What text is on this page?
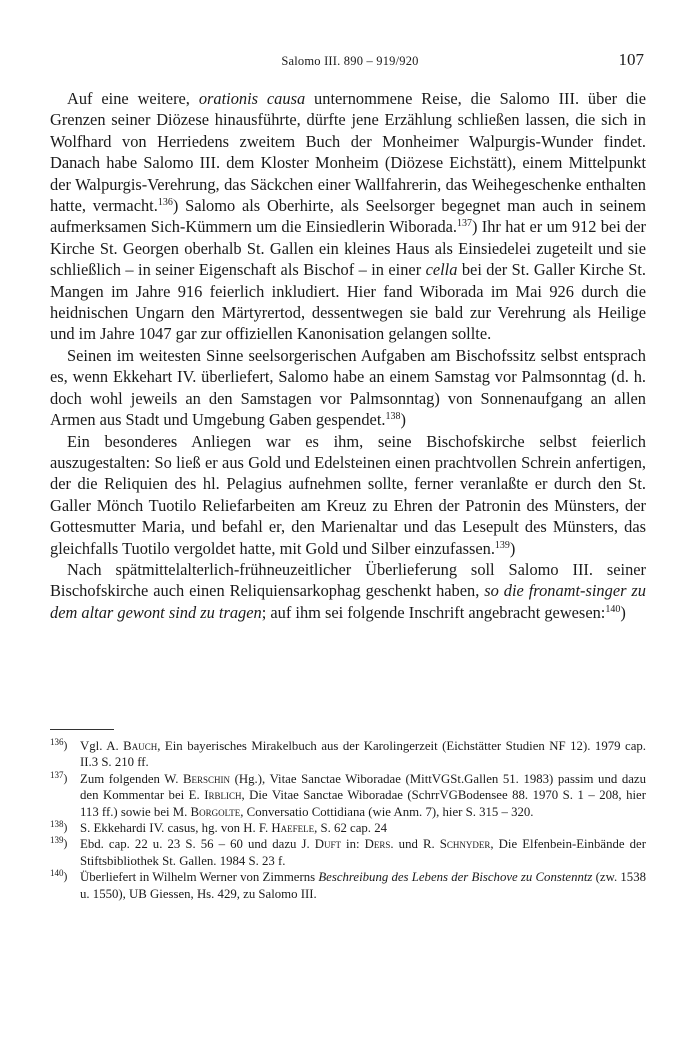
Salomo III. 890 – 919/920	107

Auf eine weitere, orationis causa unternommene Reise, die Salomo III. über die Grenzen seiner Diözese hinausführte, dürfte jene Erzählung schließen lassen, die sich in Wolfhard von Herriedens zweitem Buch der Monheimer Walpurgis-Wunder findet. Danach habe Salomo III. dem Kloster Monheim (Diözese Eichstätt), einem Mittelpunkt der Walpurgis-Verehrung, das Säckchen einer Wallfahrerin, das Weihegeschenke enthalten hatte, vermacht.$^{136}$) Salomo als Oberhirte, als Seelsorger begegnet man auch in seinem aufmerksamen Sich-Kümmern um die Einsiedlerin Wiborada.$^{137}$) Ihr hat er um 912 bei der Kirche St. Georgen oberhalb St. Gallen ein kleines Haus als Einsiedelei zugeteilt und sie schließlich – in seiner Eigenschaft als Bischof – in einer cella bei der St. Galler Kirche St. Mangen im Jahre 916 feierlich inkludiert. Hier fand Wiborada im Mai 926 durch die heidnischen Ungarn den Märtyrertod, dessentwegen sie bald zur Verehrung als Heilige und im Jahre 1047 gar zur offiziellen Kanonisation gelangen sollte.

Seinen im weitesten Sinne seelsorgerischen Aufgaben am Bischofssitz selbst entsprach es, wenn Ekkehart IV. überliefert, Salomo habe an einem Samstag vor Palmsonntag (d. h. doch wohl jeweils an den Samstagen vor Palmsonntag) von Sonnenaufgang an allen Armen aus Stadt und Umgebung Gaben gespendet.$^{138}$)

Ein besonderes Anliegen war es ihm, seine Bischofskirche selbst feierlich auszugestalten: So ließ er aus Gold und Edelsteinen einen prachtvollen Schrein anfertigen, der die Reliquien des hl. Pelagius aufnehmen sollte, ferner veranlaßte er durch den St. Galler Mönch Tuotilo Reliefarbeiten am Kreuz zu Ehren der Patronin des Münsters, der Gottesmutter Maria, und befahl er, den Marienaltar und das Lesepult des Münsters, das gleichfalls Tuotilo vergoldet hatte, mit Gold und Silber einzufassen.$^{139}$)

Nach spätmittelalterlich-frühneuzeitlicher Überlieferung soll Salomo III. seiner Bischofskirche auch einen Reliquiensarkophag geschenkt haben, so die fronamt-singer zu dem altar gewont sind zu tragen; auf ihm sei folgende Inschrift angebracht gewesen:$^{140}$)

$^{136}$) Vgl. A. Bauch, Ein bayerisches Mirakelbuch aus der Karolingerzeit (Eichstätter Studien NF 12). 1979 cap. II.3 S. 210 ff.

$^{137}$) Zum folgenden W. Berschin (Hg.), Vitae Sanctae Wiboradae (MittVGSt.Gallen 51. 1983) passim und dazu den Kommentar bei E. Irblich, Die Vitae Sanctae Wiboradae (SchrrVGBodensee 88. 1970 S. 1 – 208, hier 113 ff.) sowie bei M. Borgolte, Conversatio Cottidiana (wie Anm. 7), hier S. 315 – 320.

$^{138}$) S. Ekkehardi IV. casus, hg. von H. F. Haefele, S. 62 cap. 24

$^{139}$) Ebd. cap. 22 u. 23 S. 56 – 60 und dazu J. Duft in: Ders. und R. Schnyder, Die Elfenbein-Einbände der Stiftsbibliothek St. Gallen. 1984 S. 23 f.

$^{140}$) Überliefert in Wilhelm Werner von Zimmerns Beschreibung des Lebens der Bischove zu Constenntz (zw. 1538 u. 1550), UB Giessen, Hs. 429, zu Salomo III.
